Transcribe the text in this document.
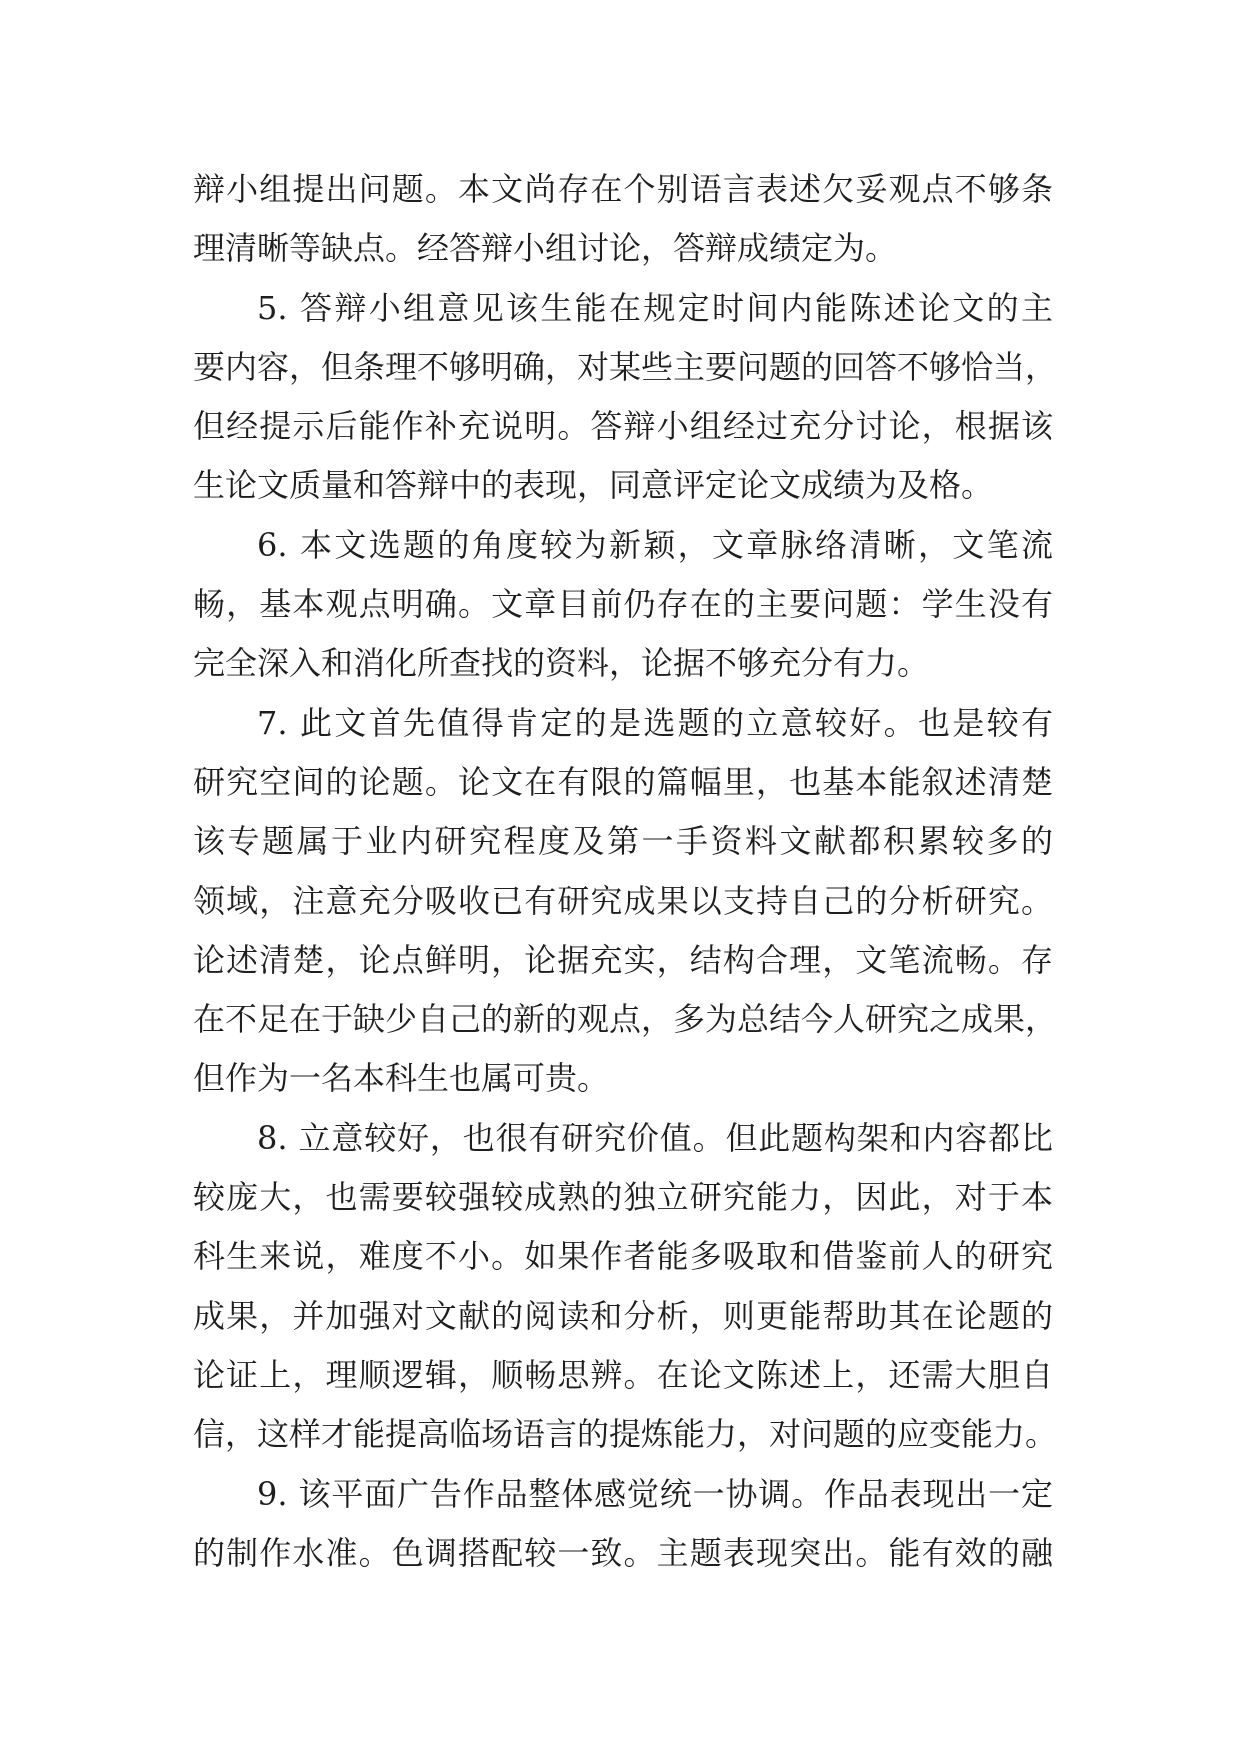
辩小组提出问题。本文尚存在个别语言表述欠妥观点不够条
理清晰等缺点。经答辩小组讨论，答辩成绩定为。
5. 答辩小组意见该生能在规定时间内能陈述论文的主
要内容，但条理不够明确，对某些主要问题的回答不够恰当，
但经提示后能作补充说明。答辩小组经过充分讨论，根据该
生论文质量和答辩中的表现，同意评定论文成绩为及格。
6. 本文选题的角度较为新颖，文章脉络清晰，文笔流
畅，基本观点明确。文章目前仍存在的主要问题：学生没有
完全深入和消化所查找的资料，论据不够充分有力。
7. 此文首先值得肯定的是选题的立意较好。也是较有
研究空间的论题。论文在有限的篇幅里，也基本能叙述清楚
该专题属于业内研究程度及第一手资料文献都积累较多的
领域，注意充分吸收已有研究成果以支持自己的分析研究。
论述清楚，论点鲜明，论据充实，结构合理，文笔流畅。存
在不足在于缺少自己的新的观点，多为总结今人研究之成果，
但作为一名本科生也属可贵。
8. 立意较好，也很有研究价值。但此题构架和内容都比
较庞大，也需要较强较成熟的独立研究能力，因此，对于本
科生来说，难度不小。如果作者能多吸取和借鉴前人的研究
成果，并加强对文献的阅读和分析，则更能帮助其在论题的
论证上，理顺逻辑，顺畅思辨。在论文陈述上，还需大胆自
信，这样才能提高临场语言的提炼能力，对问题的应变能力。
9. 该平面广告作品整体感觉统一协调。作品表现出一定
的制作水准。色调搭配较一致。主题表现突出。能有效的融
